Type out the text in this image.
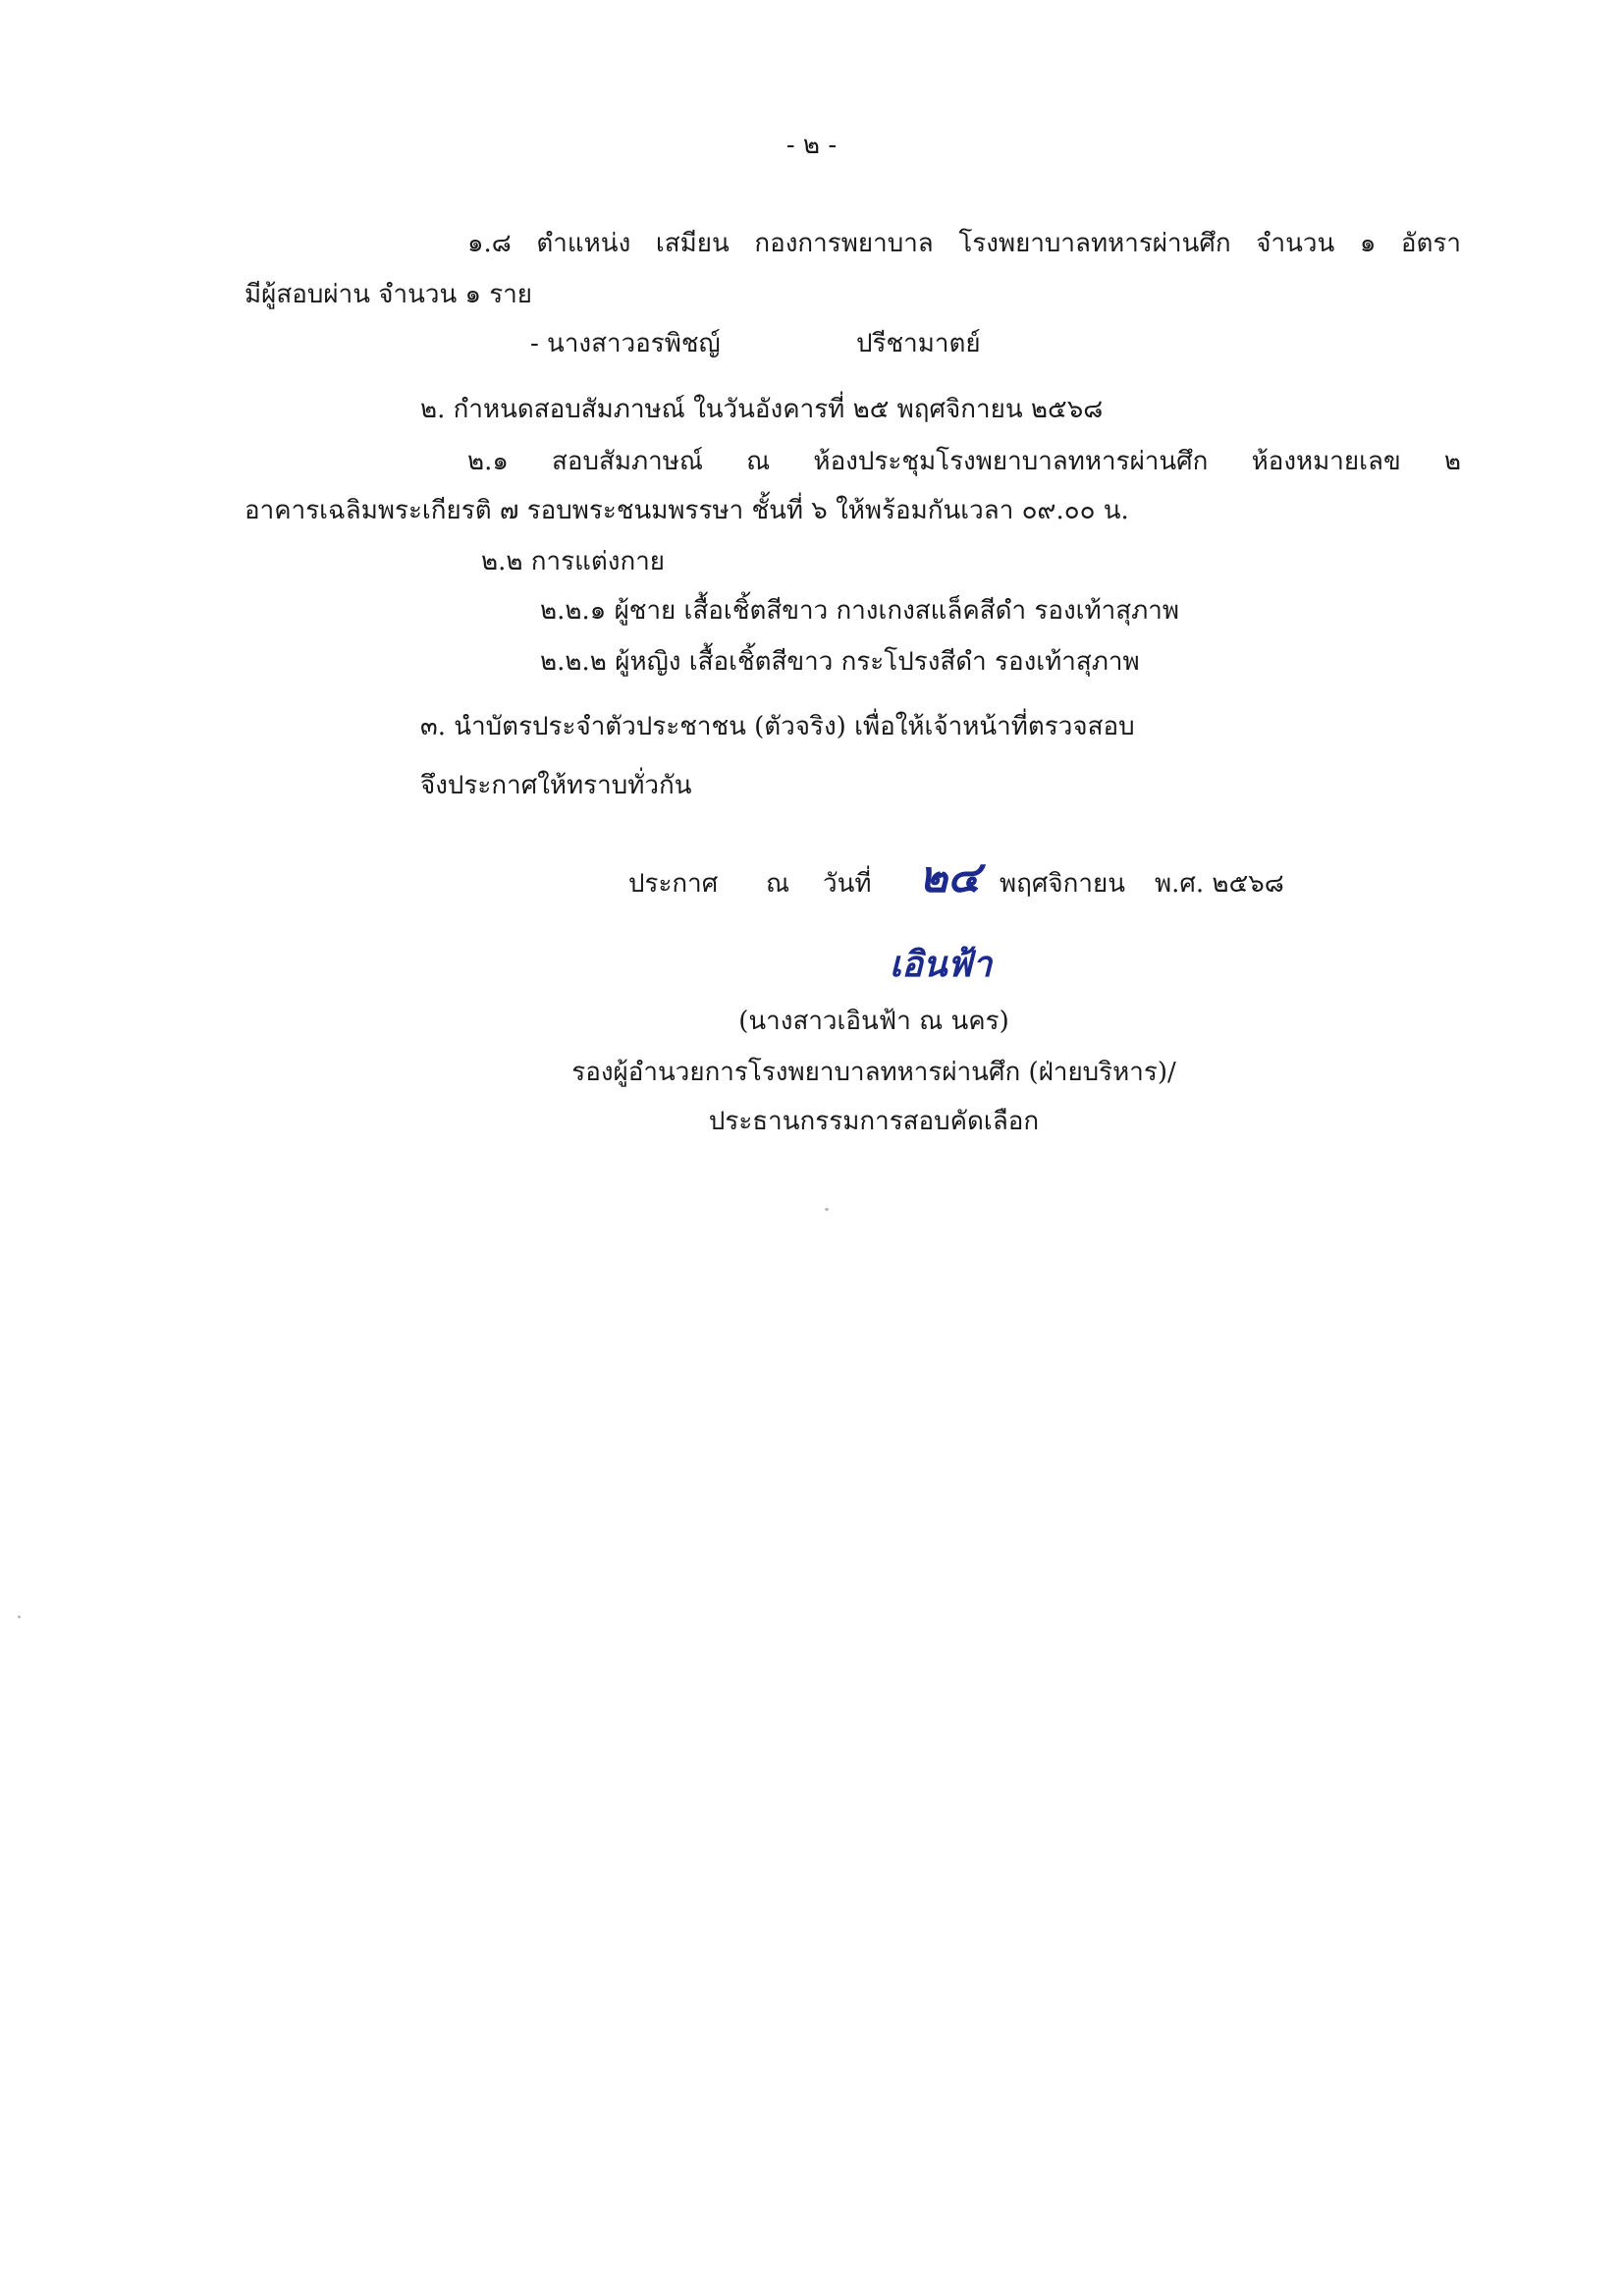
- ๒ -
๑.๘ ตำแหน่ง เสมียน กองการพยาบาล โรงพยาบาลทหารผ่านศึก จำนวน ๑ อัตรา
มีผู้สอบผ่าน จำนวน ๑ ราย
- นางสาวอรพิชญ์	ปรีชามาตย์
๒. กำหนดสอบสัมภาษณ์ ในวันอังคารที่ ๒๕ พฤศจิกายน ๒๕๖๘
๒.๑ สอบสัมภาษณ์ ณ ห้องประชุมโรงพยาบาลทหารผ่านศึก ห้องหมายเลข ๒
อาคารเฉลิมพระเกียรติ ๗ รอบพระชนมพรรษา ชั้นที่ ๖ ให้พร้อมกันเวลา ๐๙.๐๐ น.
๒.๒ การแต่งกาย
๒.๒.๑ ผู้ชาย เสื้อเชิ้ตสีขาว กางเกงสแล็คสีดำ รองเท้าสุภาพ
๒.๒.๒ ผู้หญิง เสื้อเชิ้ตสีขาว กระโปรงสีดำ รองเท้าสุภาพ
๓. นำบัตรประจำตัวประชาชน (ตัวจริง) เพื่อให้เจ้าหน้าที่ตรวจสอบ
จึงประกาศให้ทราบทั่วกัน
ประกาศ ณ วันที่ ๒๔ พฤศจิกายน พ.ศ. ๒๕๖๘
เอินฟ้า
(นางสาวเอินฟ้า ณ นคร)
รองผู้อำนวยการโรงพยาบาลทหารผ่านศึก (ฝ่ายบริหาร)/
ประธานกรรมการสอบคัดเลือก
